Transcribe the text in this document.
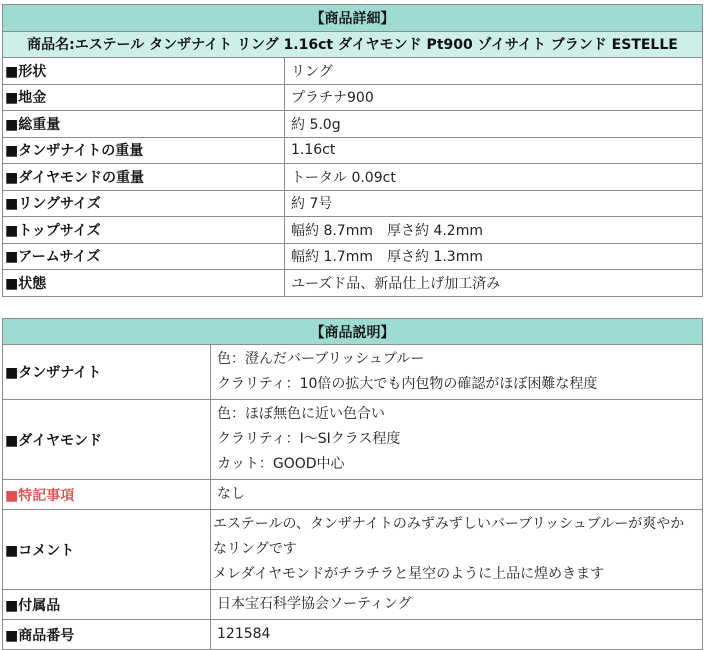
【商品詳細】	
商品名:エステール タンザナイト リング 1.16ct ダイヤモンド Pt900 ゾイサイト ブランド ESTELLE	
■形状	リング
■地金	プラチナ900
■総重量	約 5.0g
■タンザナイトの重量	1.16ct
■ダイヤモンドの重量	トータル 0.09ct
■リングサイズ	約 7号
■トップサイズ	幅約 8.7mm　厚さ約 4.2mm
■アームサイズ	幅約 1.7mm　厚さ約 1.3mm
■状態	ユーズド品、新品仕上げ加工済み
【商品説明】	
■タンザナイト	色：澄んだバーブリッシュブルー
クラリティ：10倍の拡大でも内包物の確認がほぼ困難な程度

■ダイヤモンド	色：ほぼ無色に近い色合い
クラリティ：I～SIクラス程度
カット：GOOD中心

■特記事項	なし
■コメント	エステールの、タンザナイトのみずみずしいバーブリッシュブルーが爽やかなリングです
メレダイヤモンドがチラチラと星空のように上品に煌めきます

■付属品	日本宝石科学協会ソーティング
■商品番号	121584
